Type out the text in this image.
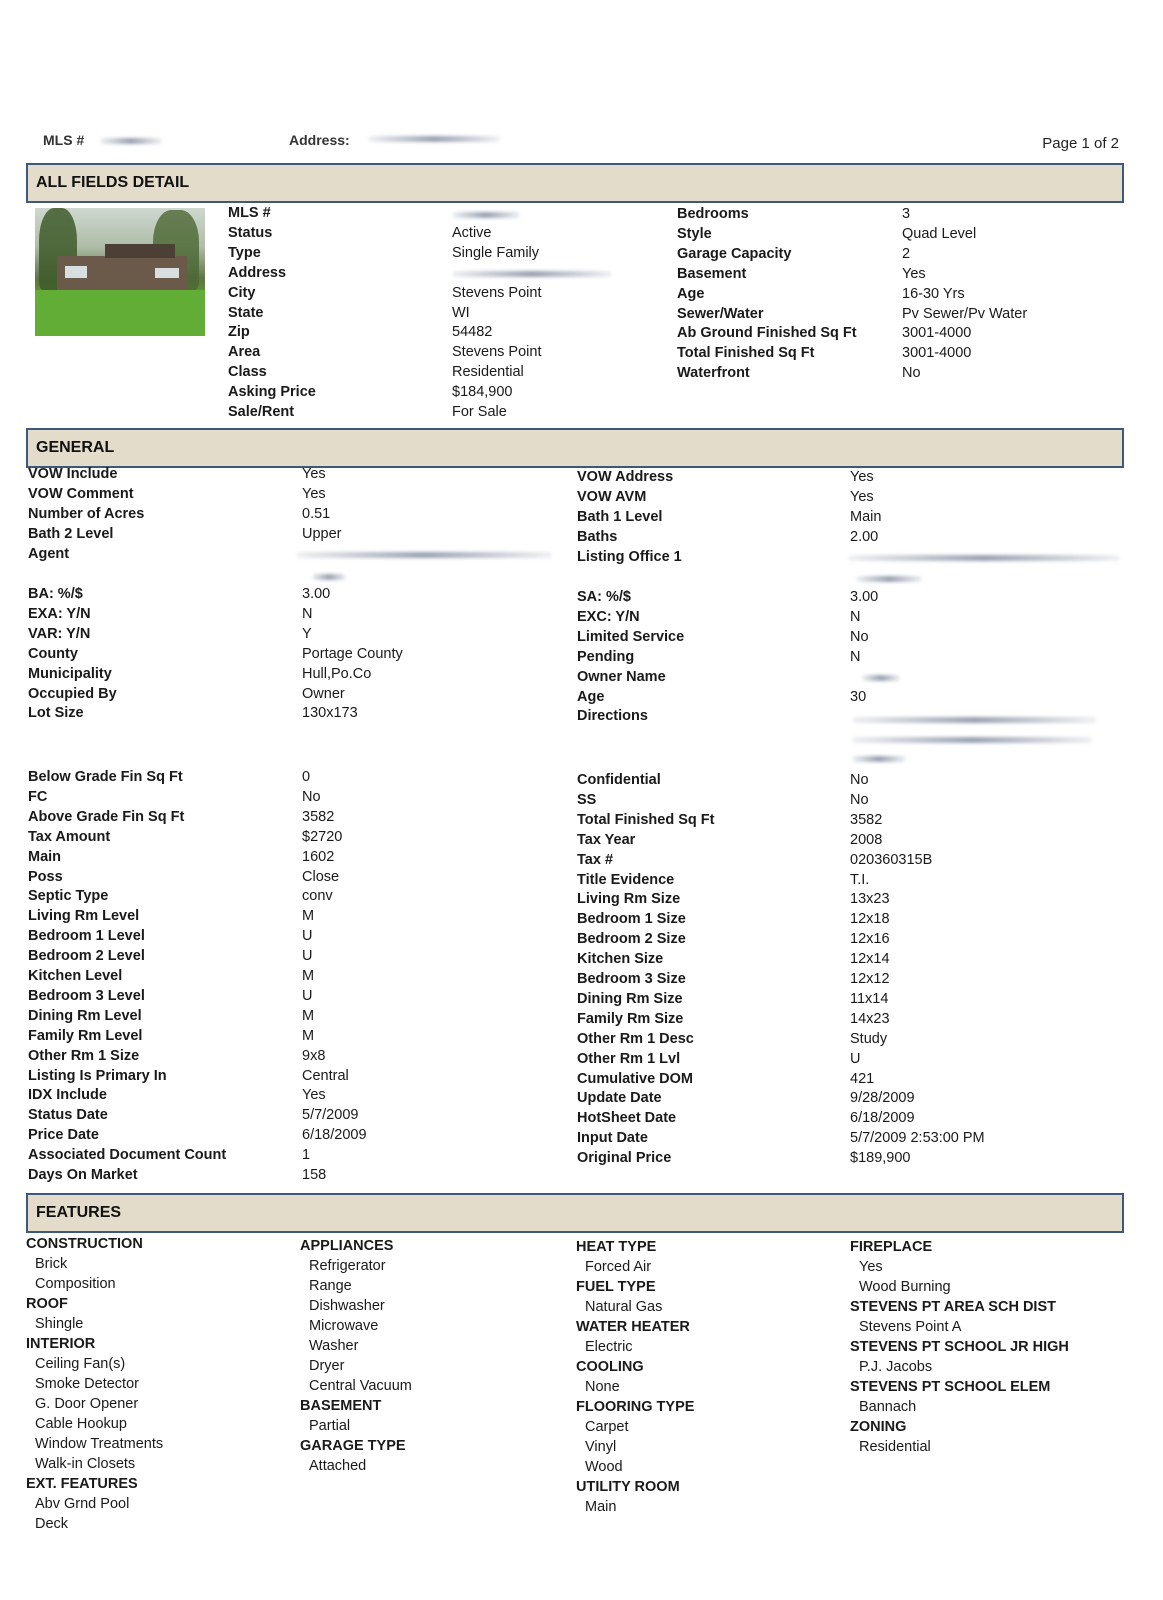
MLS #	Address:	Page 1 of 2
ALL FIELDS DETAIL
MLS #
Status	Active
Type	Single Family
Address
City	Stevens Point
State	WI
Zip	54482
Area	Stevens Point
Class	Residential
Asking Price	$184,900
Sale/Rent	For Sale
Bedrooms	3
Style	Quad Level
Garage Capacity	2
Basement	Yes
Age	16-30 Yrs
Sewer/Water	Pv Sewer/Pv Water
Ab Ground Finished Sq Ft	3001-4000
Total Finished Sq Ft	3001-4000
Waterfront	No
GENERAL
VOW Include	Yes
VOW Comment	Yes
Number of Acres	0.51
Bath 2 Level	Upper
Agent
VOW Address	Yes
VOW AVM	Yes
Bath 1 Level	Main
Baths	2.00
Listing Office 1
BA: %/$	3.00
EXA: Y/N	N
VAR: Y/N	Y
County	Portage County
Municipality	Hull,Po.Co
Occupied By	Owner
Lot Size	130x173
SA: %/$	3.00
EXC: Y/N	N
Limited Service	No
Pending	N
Owner Name
Age	30
Directions
Below Grade Fin Sq Ft	0
FC	No
Above Grade Fin Sq Ft	3582
Tax Amount	$2720
Main	1602
Poss	Close
Septic Type	conv
Living Rm Level	M
Bedroom 1 Level	U
Bedroom 2 Level	U
Kitchen Level	M
Bedroom 3 Level	U
Dining Rm Level	M
Family Rm Level	M
Other Rm 1 Size	9x8
Listing Is Primary In	Central
IDX Include	Yes
Status Date	5/7/2009
Price Date	6/18/2009
Associated Document Count	1
Days On Market	158
Confidential	No
SS	No
Total Finished Sq Ft	3582
Tax Year	2008
Tax #	020360315B
Title Evidence	T.I.
Living Rm Size	13x23
Bedroom 1 Size	12x18
Bedroom 2 Size	12x16
Kitchen Size	12x14
Bedroom 3 Size	12x12
Dining Rm Size	11x14
Family Rm Size	14x23
Other Rm 1 Desc	Study
Other Rm 1 Lvl	U
Cumulative DOM	421
Update Date	9/28/2009
HotSheet Date	6/18/2009
Input Date	5/7/2009 2:53:00 PM
Original Price	$189,900
FEATURES
CONSTRUCTION
Brick
Composition
ROOF
Shingle
INTERIOR
Ceiling Fan(s)
Smoke Detector
G. Door Opener
Cable Hookup
Window Treatments
Walk-in Closets
EXT. FEATURES
Abv Grnd Pool
Deck
APPLIANCES
Refrigerator
Range
Dishwasher
Microwave
Washer
Dryer
Central Vacuum
BASEMENT
Partial
GARAGE TYPE
Attached
HEAT TYPE
Forced Air
FUEL TYPE
Natural Gas
WATER HEATER
Electric
COOLING
None
FLOORING TYPE
Carpet
Vinyl
Wood
UTILITY ROOM
Main
FIREPLACE
Yes
Wood Burning
STEVENS PT AREA SCH DIST
Stevens Point A
STEVENS PT SCHOOL JR HIGH
P.J. Jacobs
STEVENS PT SCHOOL ELEM
Bannach
ZONING
Residential
